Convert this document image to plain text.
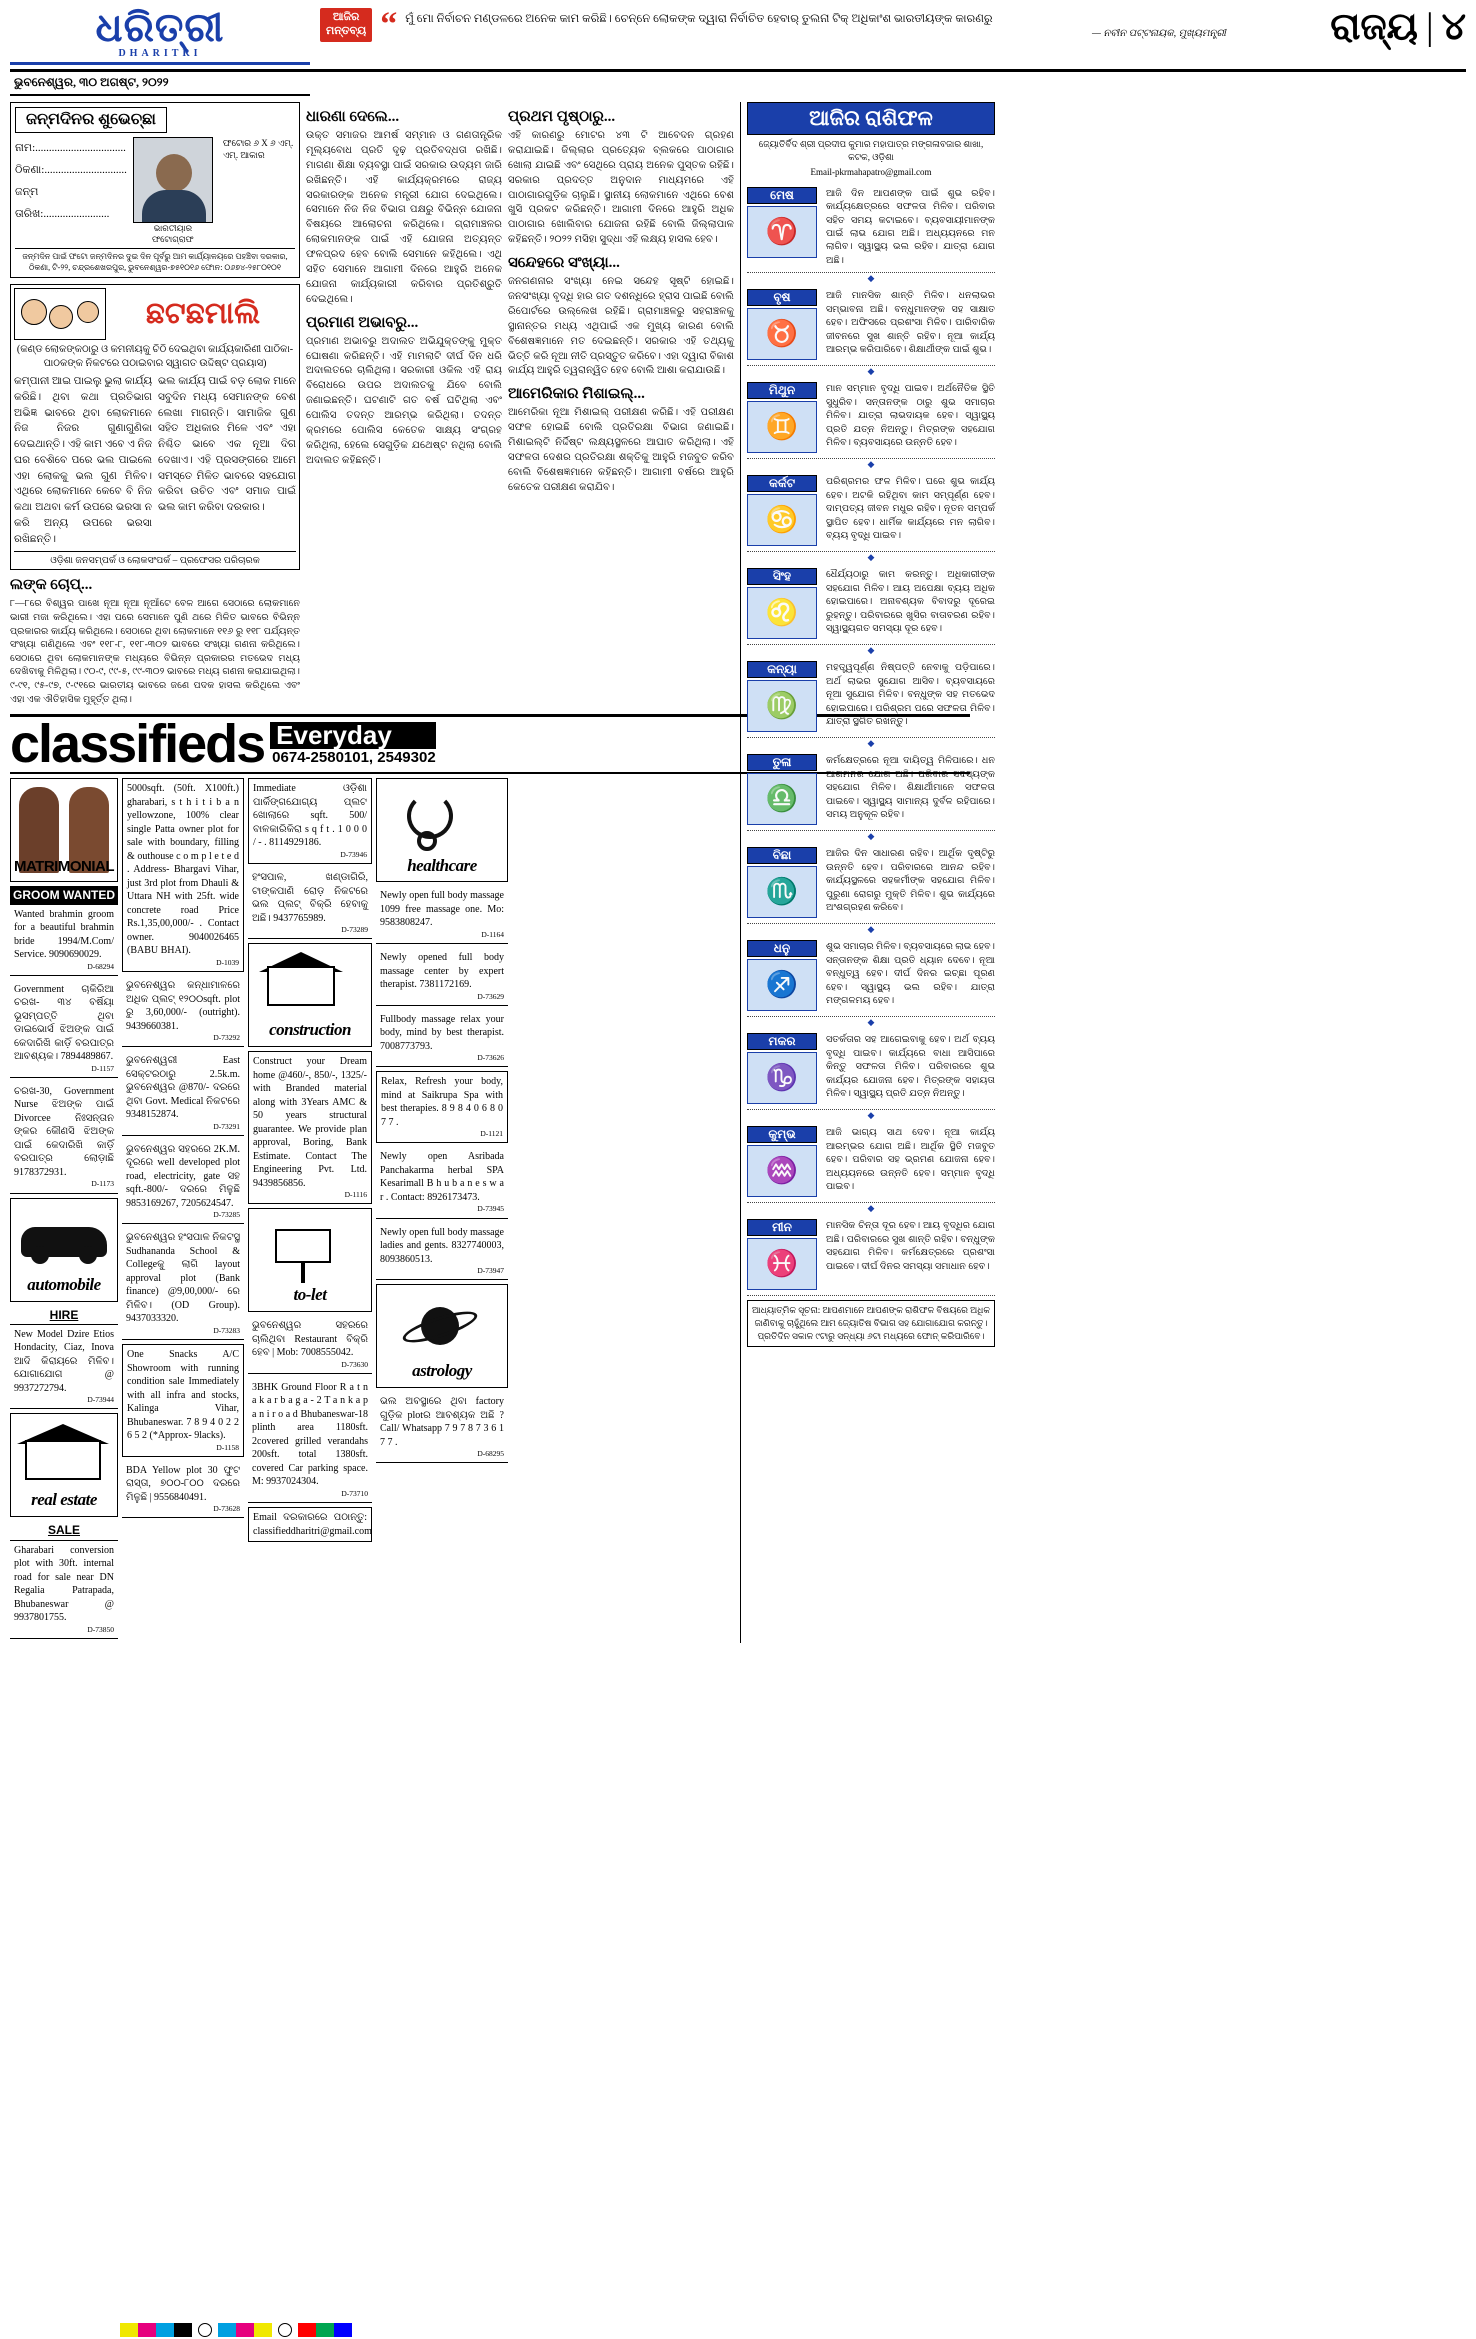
ଧରିତ୍ରୀ
DHARITRI
ଆଜିର
ମନ୍ତବ୍ୟ “ ମୁଁ ମୋ ନିର୍ବାଚନ ମଣ୍ଡଳରେ ଅନେକ କାମ କରିଛି। ଚେନ୍ନେ ଲୋକଙ୍କ ଦ୍ୱାରା ନିର୍ବାଚିତ ହେବାର୍ ତୁଲନା ଟିକ୍ ଅଧିକାଂଶ ଭାରତୀୟଙ୍କ କାରଣରୁ
— ନବୀନ ପଟ୍ଟନାୟକ, ମୁଖ୍ୟମନ୍ତ୍ରୀ	ରାଜ୍ୟ | ୪
ଭୁବନେଶ୍ୱର, ୩୦ ଅଗଷ୍ଟ, ୨୦୨୨
ଜନ୍ମଦିନର ଶୁଭେଚ୍ଛା
ନାମ:.................................
ଠିକଣା:..............................
ଜନ୍ମ ତାରିଖ:........................
ଭାରତୀୟାର ଫଟୋଗ୍ରାଫ
ଫଟୋର ୬ X ୬ ଏମ୍. ଏମ୍. ଆକାର
ଜନ୍ମଦିନ ପାଇଁ ଫଟୋ ଜନ୍ମଦିନର ଦୁଇ ଦିନ ପୂର୍ବରୁ ଆମ କାର୍ଯ୍ୟାଳୟରେ ପହଞ୍ଚିବା ଦରକାର, ଠିକଣା, ଟି-୨୨, ଚନ୍ଦ୍ରଶେଖରପୁର, ଭୁବନେଶ୍ୱର-୭୫୧୦୧୬ ଫୋନ: ୦୬୭୪-୨୫୮୦୧୦୧
ଛଟଛମାଲି
(କଣ୍ଡ ଲୋକଙ୍କଠାରୁ ଓ କମନୀୟକୁ ଚିଠି ଦେଇଥିବା କାର୍ଯ୍ୟକାରିଣୀ ପାଠିକା-ପାଠକଙ୍କ ନିକଟରେ ପଠାଇବାର ସ୍ୱାଗତ ଉଦ୍ଦିଷ୍ଟ ପ୍ରୟାସ)
କମ୍ପାନୀ ଆଇ ପାଇଲୁ ଭୁଲା କାର୍ଯ୍ୟ କରିଛି। ଥିବା କଥା ପ୍ରତିଭାଗ ଅଭିଜ୍ଞ ଭାବରେ ଥିବା ଲୋକମାନେ ନିଜ ନିଜର ଗୁଣାଗୁଣିକା ଦେଇଥାନ୍ତି। ଏହି କାମ ଏବେ ଏ ନିଜ ଘର ବେଶିବେ ପରେ ଭଲ ପାଇଲେ ଏହା ଲୋକକୁ ଭଲ ଗୁଣ ମିଳିବ। ଏଥିରେ ଲୋକମାନେ କେବେ ବି ନିଜ କଥା ଅଥବା କର୍ମ ଉପରେ ଭରସା ନ କରି ଅନ୍ୟ ଉପରେ ଭରସା ରଖିଛନ୍ତି।
ଭଲ କାର୍ଯ୍ୟ ପାଇଁ ବଡ଼ ଲୋକ ମାନେ ସବୁଦିନ ମଧ୍ୟ ସେମାନଙ୍କ ବେଶ ଲେଖା ମାଗନ୍ତି। ସାମାଜିକ ଗୁଣ ସହିତ ଅଧିକାର ମିଳେ ଏବଂ ଏହା ନିଶ୍ଚିତ ଭାବେ ଏକ ନୂଆ ଦିଗ ଦେଖାଏ। ଏହି ପ୍ରସଙ୍ଗରେ ଆମେ ସମସ୍ତେ ମିଳିତ ଭାବରେ ସହଯୋଗ କରିବା ଉଚିତ ଏବଂ ସମାଜ ପାଇଁ ଭଲ କାମ କରିବା ଦରକାର।
ଓଡ଼ିଶା ଜନସମ୍ପର୍କ ଓ ଲୋକସଂପର୍କ – ପ୍ରଫେସର ପରିଚାରକ
ଲଙ୍କ ଚୋପ୍...
୮—୮ରେ ବିଶ୍ୱର ପାଖେ ନୂଆ ନୂଆ ନୂଆଁଟେ ବେଳ ଆଗେ ସେଠାରେ ଲୋକମାନେ ଭାରୀ ମଜା କରିଥିଲେ। ଏହା ପରେ ସେମାନେ ପୁଣି ଥରେ ମିଳିତ ଭାବରେ ବିଭିନ୍ନ ପ୍ରକାରର କାର୍ଯ୍ୟ କରିଥିଲେ। ସେଠାରେ ଥିବା ଲୋକମାନେ ୧୧୬ ରୁ ୧୧୮ ପର୍ଯ୍ୟନ୍ତ ସଂଖ୍ୟା ଗଣିଥିଲେ ଏବଂ ୧୧୮-୮, ୧୧୮-୩୦୨ ଭାବରେ ସଂଖ୍ୟା ଗଣନା କରିଥିଲେ। ସେଠାରେ ଥିବା ଲୋକମାନଙ୍କ ମଧ୍ୟରେ ବିଭିନ୍ନ ପ୍ରକାରର ମତଭେଦ ମଧ୍ୟ ଦେଖିବାକୁ ମିଳିଥିଲା। ୯୦-୯, ୯୯-୫, ୯୯-୩୦୨ ଭାବରେ ମଧ୍ୟ ଗଣନା କରାଯାଇଥିଲା। ୯-୯୧, ୯୫-୯୭, ୯-୯୧ରେ ଭାରତୀୟ ଭାବରେ ଜଣେ ପଦକ ହାସଲ କରିଥିଲେ ଏବଂ ଏହା ଏକ ଐତିହାସିକ ମୁହୂର୍ତ୍ତ ଥିଲା।
classifieds Everyday
0674-2580101, 2549302
MATRIMONIAL
GROOM WANTED
Wanted brahmin groom for a beautiful brahmin bride 1994/M.Com/ Service. 9090690029.
D-68294
Government ଚାକିରିଆ ଚରଖ- ୩୪ ବର୍ଷିୟା ଭୂସମ୍ପତ୍ତି ଥିବା ଡାଇଭୋର୍ସ ଝିଅଙ୍କ ପାଇଁ କେଦାରିଖି କାଡ଼ିଁ ବରପାତ୍ର ଆବଶ୍ୟକ। 7894489867.
D-1157
ଚରଖ-30, Government Nurse ଝିଅଙ୍କ ପାଇଁ Divorcee ନିଃସନ୍ତାନ ଙ୍କର କୌଣସି ଝିଅଙ୍କ ପାଇଁ କେଦାରିଖି କାଡ଼ିଁ ବରପାତ୍ର ଲୋଡ଼ାଛି 9178372931.
D-1173
automobile
HIRE
New Model Dzire Etios Hondacity, Ciaz, Inova ଆଦି କିରାୟରେ ମିଳିବ। ଯୋଗାଯୋଗ @ 9937272794.
D-73944
real estate
SALE
Gharabari conversion plot with 30ft. internal road for sale near DN Regalia Patrapada, Bhubaneswar @ 9937801755.
D-73850
5000sqft. (50ft. X100ft.) gharabari, s t h i t i b a n yellowzone, 100% clear single Patta owner plot for sale with boundary, filling & outhouse c o m p l e t e d . Address- Bhargavi Vihar, just 3rd plot from Dhauli & Uttara NH with 25ft. wide concrete road Price Rs.1,35,00,000/- . Contact owner. 9040026465 (BABU BHAI).
D-1039
ଭୁବନେଶ୍ୱର କନ୍ଧାମାଳରେ ଅଧିକ ପ୍ଲଟ୍ ୧୨୦୦sqft. plot ରୁ 3,60,000/- (outright). 9439660381.
D-73292
ଭୁବନେଶ୍ୱରୀ East ସେକ୍ଟରଠାରୁ 2.5k.m. ଭୁବନେଶ୍ୱର @870/- ଦରରେ ଥିବା Govt. Medical ନିକଟରେ 9348152874.
D-73291
ଭୁବନେଶ୍ୱର ସହରରେ 2K.M. ଦୂରରେ well developed plot road, electricity, gate ସହ sqft.-800/- ଦରରେ ମିଳୁଛି 9853169267, 7205624547.
D-73285
ଭୁବନେଶ୍ୱର ହଂସପାଳ ନିକଟସ୍ଥ Sudhananda School & Collegeକୁ ଲାଗି layout approval plot (Bank finance) @9,00,000/- ରେ ମିଳିବ। (OD Group). 9437033320.
D-73283
One Snacks A/C Showroom with running condition sale Immediately with all infra and stocks, Kalinga Vihar, Bhubaneswar. 7 8 9 4 0 2 2 6 5 2 (*Approx- 9lacks).
D-1158
BDA Yellow plot 30 ଫୁଟ ରାସ୍ତା, ୭୦୦-୮୦୦ ଦରରେ ମିଳୁଛି | 9556840491.
D-73628
Immediate ଓଡ଼ିଶା ପାର୍କିଙ୍ଗଯୋଗ୍ୟ ପ୍ଲଟ ଖୋଲାରେ sqft. 500/ ବାଳକାରିକିରା s q f t . 1 0 0 0 / - . 8114929186.
D-73946
ହଂସପାଳ, ଖଣ୍ଡାଗିରି, ଟାଙ୍କପାଣି ରୋଡ଼ ନିକଟରେ ଭଲ ପ୍ଲଟ୍ ବିକ୍ରି ହେବାକୁ ଅଛି। 9437765989.
D-73289
construction
Construct your Dream home @460/-, 850/-, 1325/- with Branded material along with 3Years AMC & 50 years structural guarantee. We provide plan approval, Boring, Bank Estimate. Contact The Engineering Pvt. Ltd. 9439856856.
D-1116
to-let
ଭୁବନେଶ୍ୱର ସହରରେ ଚାଲିଥିବା Restaurant ବିକ୍ରି ହେବ | Mob: 7008555042.
D-73630
3BHK Ground Floor R a t n a k a r b a g a - 2 T a n k a p a n i r o a d Bhubaneswar-18 plinth area 1180sft. 2covered grilled verandahs 200sft. total 1380sft. covered Car parking space. M: 9937024304.
D-73710
Email ଦରକାରରେ ପଠାନ୍ତୁ: classifieddharitri@gmail.com
healthcare
Newly open full body massage 1099 free massage one. Mo: 9583808247.
D-1164
Newly opened full body massage center by expert therapist. 7381172169.
D-73629
Fullbody massage relax your body, mind by best therapist. 7008773793.
D-73626
Relax, Refresh your body, mind at Saikrupa Spa with best therapies. 8 9 8 4 0 6 8 0 7 7 .
D-1121
Newly open Asribada Panchakarma herbal SPA Kesarimall B h u b a n e s w a r . Contact: 8926173473.
D-73945
Newly open full body massage ladies and gents. 8327740003, 8093860513.
D-73947
astrology
ଭଲ ଅବସ୍ଥାରେ ଥିବା factory ଗୁଡ଼ିକ plotର ଆବଶ୍ୟକ ଅଛି ? Call/ Whatsapp 7 9 7 8 7 3 6 1 7 7 .
D-68295
ଧାରଣା ଦେଲେ...
ଉକ୍ତ ସମାଜର ଆମର୍ଷ ସମ୍ମାନ ଓ ଗଣତାନ୍ତ୍ରିକ ମୂଲ୍ୟବୋଧ ପ୍ରତି ଦୃଢ଼ ପ୍ରତିବଦ୍ଧତା ରଖିଛି। ମାଗଣା ଶିକ୍ଷା ବ୍ୟବସ୍ଥା ପାଇଁ ସରକାର ଉଦ୍ୟମ ଜାରି ରଖିଛନ୍ତି। ଏହି କାର୍ଯ୍ୟକ୍ରମରେ ରାଜ୍ୟ ସରକାରଙ୍କ ଅନେକ ମନ୍ତ୍ରୀ ଯୋଗ ଦେଇଥିଲେ। ସେମାନେ ନିଜ ନିଜ ବିଭାଗ ପକ୍ଷରୁ ବିଭିନ୍ନ ଯୋଜନା ବିଷୟରେ ଆଲୋଚନା କରିଥିଲେ। ଗ୍ରାମାଞ୍ଚଳର ଲୋକମାନଙ୍କ ପାଇଁ ଏହି ଯୋଜନା ଅତ୍ୟନ୍ତ ଫଳପ୍ରଦ ହେବ ବୋଲି ସେମାନେ କହିଥିଲେ। ଏଥି ସହିତ ସେମାନେ ଆଗାମୀ ଦିନରେ ଆହୁରି ଅନେକ ଯୋଜନା କାର୍ଯ୍ୟକାରୀ କରିବାର ପ୍ରତିଶ୍ରୁତି ଦେଇଥିଲେ।
ପ୍ରମାଣ ଅଭାବରୁ...
ପ୍ରମାଣ ଅଭାବରୁ ଅଦାଲତ ଅଭିଯୁକ୍ତଙ୍କୁ ମୁକ୍ତ ଘୋଷଣା କରିଛନ୍ତି। ଏହି ମାମଲାଟି ଦୀର୍ଘ ଦିନ ଧରି ଅଦାଲତରେ ଚାଲିଥିଲା। ସରକାରୀ ଓକିଲ ଏହି ରାୟ ବିରୋଧରେ ଉପର ଅଦାଲତକୁ ଯିବେ ବୋଲି ଜଣାଇଛନ୍ତି। ଘଟଣାଟି ଗତ ବର୍ଷ ଘଟିଥିଲା ଏବଂ ପୋଲିସ ତଦନ୍ତ ଆରମ୍ଭ କରିଥିଲା। ତଦନ୍ତ କ୍ରମରେ ପୋଲିସ କେତେକ ସାକ୍ଷ୍ୟ ସଂଗ୍ରହ କରିଥିଲା, ହେଲେ ସେଗୁଡ଼ିକ ଯଥେଷ୍ଟ ନଥିଲା ବୋଲି ଅଦାଲତ କହିଛନ୍ତି।
ପ୍ରଥମ ପୃଷ୍ଠାରୁ...
ଏହି କାରଣରୁ ମୋଟର ୪୩ ଟି ଆବେଦନ ଗ୍ରହଣ କରାଯାଇଛି। ଜିଲ୍ଲାର ପ୍ରତ୍ୟେକ ବ୍ଲକରେ ପାଠାଗାର ଖୋଲା ଯାଇଛି ଏବଂ ସେଥିରେ ପ୍ରାୟ ଅନେକ ପୁସ୍ତକ ରହିଛି। ସରକାର ପ୍ରଦତ୍ତ ଅନୁଦାନ ମାଧ୍ୟମରେ ଏହି ପାଠାଗାରଗୁଡ଼ିକ ଚାଲୁଛି। ସ୍ଥାନୀୟ ଲୋକମାନେ ଏଥିରେ ବେଶ ଖୁସି ପ୍ରକଟ କରିଛନ୍ତି। ଆଗାମୀ ଦିନରେ ଆହୁରି ଅଧିକ ପାଠାଗାର ଖୋଲିବାର ଯୋଜନା ରହିଛି ବୋଲି ଜିଲ୍ଲାପାଳ କହିଛନ୍ତି। ୨୦୨୨ ମସିହା ସୁଦ୍ଧା ଏହି ଲକ୍ଷ୍ୟ ହାସଲ ହେବ।
ସନ୍ଦେହରେ ସଂଖ୍ୟା...
ଜନଗଣନାର ସଂଖ୍ୟା ନେଇ ସନ୍ଦେହ ସୃଷ୍ଟି ହୋଇଛି। ଜନସଂଖ୍ୟା ବୃଦ୍ଧି ହାର ଗତ ଦଶନ୍ଧିରେ ହ୍ରାସ ପାଇଛି ବୋଲି ରିପୋର୍ଟରେ ଉଲ୍ଲେଖ ରହିଛି। ଗ୍ରାମାଞ୍ଚଳରୁ ସହରାଞ୍ଚଳକୁ ସ୍ଥାନାନ୍ତର ମଧ୍ୟ ଏଥିପାଇଁ ଏକ ମୁଖ୍ୟ କାରଣ ବୋଲି ବିଶେଷଜ୍ଞମାନେ ମତ ଦେଇଛନ୍ତି। ସରକାର ଏହି ତଥ୍ୟକୁ ଭିତ୍ତି କରି ନୂଆ ନୀତି ପ୍ରସ୍ତୁତ କରିବେ। ଏହା ଦ୍ୱାରା ବିକାଶ କାର୍ଯ୍ୟ ଆହୁରି ତ୍ୱରାନ୍ୱିତ ହେବ ବୋଲି ଆଶା କରାଯାଉଛି।
ଆମେରିକାର ମିଶାଇଲ୍...
ଆମେରିକା ନୂଆ ମିଶାଇଲ୍ ପରୀକ୍ଷଣ କରିଛି। ଏହି ପରୀକ୍ଷଣ ସଫଳ ହୋଇଛି ବୋଲି ପ୍ରତିରକ୍ଷା ବିଭାଗ ଜଣାଇଛି। ମିଶାଇଲ୍ଟି ନିର୍ଦ୍ଦିଷ୍ଟ ଲକ୍ଷ୍ୟସ୍ଥଳରେ ଆଘାତ କରିଥିଲା। ଏହି ସଫଳତା ଦେଶର ପ୍ରତିରକ୍ଷା ଶକ୍ତିକୁ ଆହୁରି ମଜବୁତ କରିବ ବୋଲି ବିଶେଷଜ୍ଞମାନେ କହିଛନ୍ତି। ଆଗାମୀ ବର୍ଷରେ ଆହୁରି କେତେକ ପରୀକ୍ଷଣ କରାଯିବ।
ଆଜିର ରାଶିଫଳ
ଜ୍ୟୋତିର୍ବିଦ ଶ୍ରୀ ପ୍ରଦୀପ କୁମାର ମହାପାତ୍ର ମଙ୍ଗଳାବଜାର ଶାଖା, କଟକ, ଓଡ଼ିଶା
Email-pkrmahapatro@gmail.com
ମେଷ
♈
ଆଜି ଦିନ ଆପଣଙ୍କ ପାଇଁ ଶୁଭ ରହିବ। କାର୍ଯ୍ୟକ୍ଷେତ୍ରରେ ସଫଳତା ମିଳିବ। ପରିବାର ସହିତ ସମୟ କଟାଇବେ। ବ୍ୟବସାୟୀମାନଙ୍କ ପାଇଁ ଲାଭ ଯୋଗ ଅଛି। ଅଧ୍ୟୟନରେ ମନ ଲାଗିବ। ସ୍ୱାସ୍ଥ୍ୟ ଭଲ ରହିବ। ଯାତ୍ରା ଯୋଗ ଅଛି।
◆
ବୃଷ
♉
ଆଜି ମାନସିକ ଶାନ୍ତି ମିଳିବ। ଧନଲାଭର ସମ୍ଭାବନା ଅଛି। ବନ୍ଧୁମାନଙ୍କ ସହ ସାକ୍ଷାତ ହେବ। ଅଫିସରେ ପ୍ରଶଂସା ମିଳିବ। ପାରିବାରିକ ଜୀବନରେ ସୁଖ ଶାନ୍ତି ରହିବ। ନୂଆ କାର୍ଯ୍ୟ ଆରମ୍ଭ କରିପାରିବେ। ଶିକ୍ଷାର୍ଥୀଙ୍କ ପାଇଁ ଶୁଭ।
◆
ମିଥୁନ
♊
ମାନ ସମ୍ମାନ ବୃଦ୍ଧି ପାଇବ। ଅର୍ଥନୈତିକ ସ୍ଥିତି ସୁଧୁରିବ। ସନ୍ତାନଙ୍କ ଠାରୁ ଶୁଭ ସମାଚାର ମିଳିବ। ଯାତ୍ରା ଲାଭଦାୟକ ହେବ। ସ୍ୱାସ୍ଥ୍ୟ ପ୍ରତି ଯତ୍ନ ନିଅନ୍ତୁ। ମିତ୍ରଙ୍କ ସହଯୋଗ ମିଳିବ। ବ୍ୟବସାୟରେ ଉନ୍ନତି ହେବ।
◆
କର୍କଟ
♋
ପରିଶ୍ରମର ଫଳ ମିଳିବ। ଘରେ ଶୁଭ କାର୍ଯ୍ୟ ହେବ। ଅଟକି ରହିଥିବା କାମ ସମ୍ପୂର୍ଣ୍ଣ ହେବ। ଦାମ୍ପତ୍ୟ ଜୀବନ ମଧୁର ରହିବ। ନୂତନ ସମ୍ପର୍କ ସ୍ଥାପିତ ହେବ। ଧାର୍ମିକ କାର୍ଯ୍ୟରେ ମନ ଲାଗିବ। ବ୍ୟୟ ବୃଦ୍ଧି ପାଇବ।
◆
ସିଂହ
♌
ଧୈର୍ଯ୍ୟଠାରୁ କାମ କରନ୍ତୁ। ଅଧିକାରୀଙ୍କ ସହଯୋଗ ମିଳିବ। ଆୟ ଅପେକ୍ଷା ବ୍ୟୟ ଅଧିକ ହୋଇପାରେ। ଅନାବଶ୍ୟକ ବିବାଦରୁ ଦୂରେଇ ରୁହନ୍ତୁ। ପରିବାରରେ ଖୁସିର ବାତାବରଣ ରହିବ। ସ୍ୱାସ୍ଥ୍ୟଗତ ସମସ୍ୟା ଦୂର ହେବ।
◆
କନ୍ୟା
♍
ମହତ୍ତ୍ୱପୂର୍ଣ୍ଣ ନିଷ୍ପତ୍ତି ନେବାକୁ ପଡ଼ିପାରେ। ଅର୍ଥ ଲାଭର ସୁଯୋଗ ଆସିବ। ବ୍ୟବସାୟରେ ନୂଆ ସୁଯୋଗ ମିଳିବ। ବନ୍ଧୁଙ୍କ ସହ ମତଭେଦ ହୋଇପାରେ। ପରିଶ୍ରମ ପରେ ସଫଳତା ମିଳିବ। ଯାତ୍ରା ସ୍ଥଗିତ ରଖନ୍ତୁ।
◆
ତୁଳା
♎
କର୍ମକ୍ଷେତ୍ରରେ ନୂଆ ଦାୟିତ୍ୱ ମିଳିପାରେ। ଧନ ଆଗମନର ଯୋଗ ଅଛି। ପରିବାର ସଦସ୍ୟଙ୍କ ସହଯୋଗ ମିଳିବ। ଶିକ୍ଷାର୍ଥୀମାନେ ସଫଳତା ପାଇବେ। ସ୍ୱାସ୍ଥ୍ୟ ସାମାନ୍ୟ ଦୁର୍ବଳ ରହିପାରେ। ସମୟ ଅନୁକୂଳ ରହିବ।
◆
ବିଛା
♏
ଆଜିର ଦିନ ସାଧାରଣ ରହିବ। ଆର୍ଥିକ ଦୃଷ୍ଟିରୁ ଉନ୍ନତି ହେବ। ପରିବାରରେ ଆନନ୍ଦ ରହିବ। କାର୍ଯ୍ୟସ୍ଥଳରେ ସହକର୍ମୀଙ୍କ ସହଯୋଗ ମିଳିବ। ପୁରୁଣା ରୋଗରୁ ମୁକ୍ତି ମିଳିବ। ଶୁଭ କାର୍ଯ୍ୟରେ ଅଂଶଗ୍ରହଣ କରିବେ।
◆
ଧନୁ
♐
ଶୁଭ ସମାଚାର ମିଳିବ। ବ୍ୟବସାୟରେ ଲାଭ ହେବ। ସନ୍ତାନଙ୍କ ଶିକ୍ଷା ପ୍ରତି ଧ୍ୟାନ ଦେବେ। ନୂଆ ବନ୍ଧୁତ୍ୱ ହେବ। ଦୀର୍ଘ ଦିନର ଇଚ୍ଛା ପୂରଣ ହେବ। ସ୍ୱାସ୍ଥ୍ୟ ଭଲ ରହିବ। ଯାତ୍ରା ମଙ୍ଗଳମୟ ହେବ।
◆
ମକର
♑
ସତର୍କତାର ସହ ଆଗେଇବାକୁ ହେବ। ଅର୍ଥ ବ୍ୟୟ ବୃଦ୍ଧି ପାଇବ। କାର୍ଯ୍ୟରେ ବାଧା ଆସିପାରେ କିନ୍ତୁ ସଫଳତା ମିଳିବ। ପରିବାରରେ ଶୁଭ କାର୍ଯ୍ୟର ଯୋଜନା ହେବ। ମିତ୍ରଙ୍କ ସହାୟତା ମିଳିବ। ସ୍ୱାସ୍ଥ୍ୟ ପ୍ରତି ଯତ୍ନ ନିଅନ୍ତୁ।
◆
କୁମ୍ଭ
♒
ଆଜି ଭାଗ୍ୟ ସାଥ ଦେବ। ନୂଆ କାର୍ଯ୍ୟ ଆରମ୍ଭର ଯୋଗ ଅଛି। ଆର୍ଥିକ ସ୍ଥିତି ମଜବୁତ ହେବ। ପରିବାର ସହ ଭ୍ରମଣ ଯୋଜନା ହେବ। ଅଧ୍ୟୟନରେ ଉନ୍ନତି ହେବ। ସମ୍ମାନ ବୃଦ୍ଧି ପାଇବ।
◆
ମୀନ
♓
ମାନସିକ ଚିନ୍ତା ଦୂର ହେବ। ଆୟ ବୃଦ୍ଧିର ଯୋଗ ଅଛି। ପରିବାରରେ ସୁଖ ଶାନ୍ତି ରହିବ। ବନ୍ଧୁଙ୍କ ସହଯୋଗ ମିଳିବ। କର୍ମକ୍ଷେତ୍ରରେ ପ୍ରଶଂସା ପାଇବେ। ଦୀର୍ଘ ଦିନର ସମସ୍ୟା ସମାଧାନ ହେବ।
ଆଧ୍ୟାତ୍ମିକ ସୂଚନା: ଆପଣମାନେ ଆପଣଙ୍କ ରାଶିଫଳ ବିଷୟରେ ଅଧିକ ଜାଣିବାକୁ ଚାହୁଁଥିଲେ ଆମ ଜ୍ୟୋତିଷ ବିଭାଗ ସହ ଯୋଗାଯୋଗ କରନ୍ତୁ। ପ୍ରତିଦିନ ସକାଳ ୯ଟାରୁ ସନ୍ଧ୍ୟା ୬ଟା ମଧ୍ୟରେ ଫୋନ୍ କରିପାରିବେ।
